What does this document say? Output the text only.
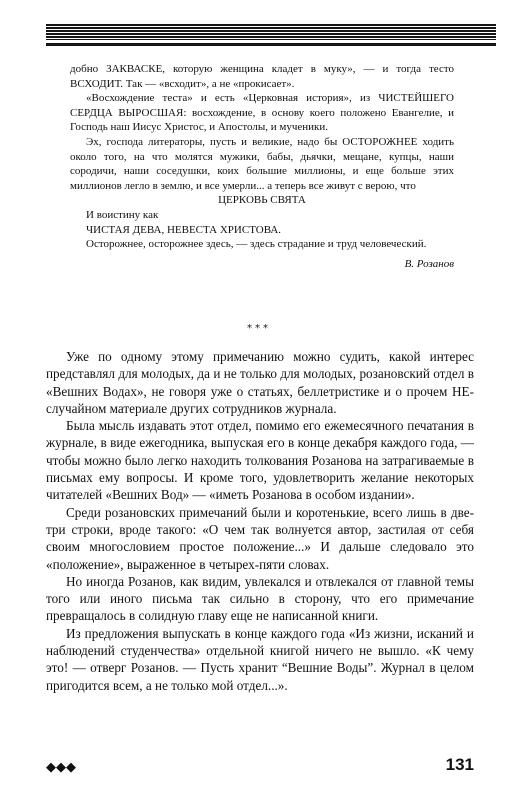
добно ЗАКВАСКЕ, которую женщина кладет в муку», — и тогда тесто ВСХОДИТ. Так — «всходит», а не «прокисает».

«Восхождение теста» и есть «Церковная история», из ЧИСТЕЙШЕГО СЕРДЦА ВЫРОСШАЯ: восхождение, в основу коего положено Евангелие, и Господь наш Иисус Христос, и Апостолы, и мученики.

Эх, господа литераторы, пусть и великие, надо бы ОСТОРОЖНЕЕ ходить около того, на что молятся мужики, бабы, дьячки, мещане, купцы, наши сородичи, наши соседушки, коих большие миллионы, и еще больше этих миллионов легло в землю, и все умерли... а теперь все живут с верою, что

ЦЕРКОВЬ СВЯТА

И воистину как

ЧИСТАЯ ДЕВА, НЕВЕСТА ХРИСТОВА.

Осторожнее, осторожнее здесь, — здесь страдание и труд человеческий.

В. Розанов

***

Уже по одному этому примечанию можно судить, какой интерес представлял для молодых, да и не только для молодых, розановский отдел в «Вешних Водах», не говоря уже о статьях, беллетристике и о прочем НЕ-случайном материале других сотрудников журнала.

Была мысль издавать этот отдел, помимо его ежемесячного печатания в журнале, в виде ежегодника, выпуская его в конце декабря каждого года, — чтобы можно было легко находить толкования Розанова на затрагиваемые в письмах ему вопросы. И кроме того, удовлетворить желание некоторых читателей «Вешних Вод» — «иметь Розанова в особом издании».

Среди розановских примечаний были и коротенькие, всего лишь в две-три строки, вроде такого: «О чем так волнуется автор, застилая от себя своим многословием простое положение...» И дальше следовало это «положение», выраженное в четырех-пяти словах.

Но иногда Розанов, как видим, увлекался и отвлекался от главной темы того или иного письма так сильно в сторону, что его примечание превращалось в солидную главу еще не написанной книги.

Из предложения выпускать в конце каждого года «Из жизни, исканий и наблюдений студенчества» отдельной книгой ничего не вышло. «К чему это! — отверг Розанов. — Пусть хранит “Вешние Воды”. Журнал в целом пригодится всем, а не только мой отдел...».

◆◆◆	131
